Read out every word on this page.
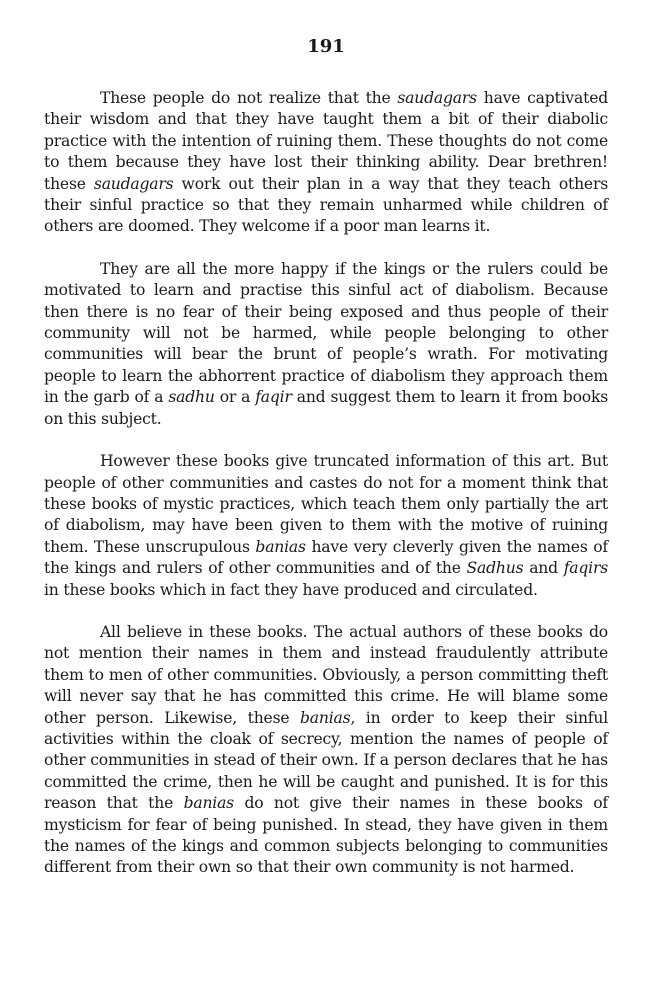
191

These people do not realize that the saudagars have captivated their wisdom and that they have taught them a bit of their diabolic practice with the intention of ruining them. These thoughts do not come to them because they have lost their thinking ability. Dear brethren! these saudagars work out their plan in a way that they teach others their sinful practice so that they remain unharmed while children of others are doomed. They welcome if a poor man learns it.

They are all the more happy if the kings or the rulers could be motivated to learn and practise this sinful act of diabolism. Because then there is no fear of their being exposed and thus people of their community will not be harmed, while people belonging to other communities will bear the brunt of people’s wrath. For motivating people to learn the abhorrent practice of diabolism they approach them in the garb of a sadhu or a faqir and suggest them to learn it from books on this subject.

However these books give truncated information of this art. But people of other communities and castes do not for a moment think that these books of mystic practices, which teach them only partially the art of diabolism, may have been given to them with the motive of ruining them. These unscrupulous banias have very cleverly given the names of the kings and rulers of other communities and of the Sadhus and faqirs in these books which in fact they have produced and circulated.

All believe in these books. The actual authors of these books do not mention their names in them and instead fraudulently attribute them to men of other communities. Obviously, a person committing theft will never say that he has committed this crime. He will blame some other person. Likewise, these banias, in order to keep their sinful activities within the cloak of secrecy, mention the names of people of other communities in stead of their own. If a person declares that he has committed the crime, then he will be caught and punished. It is for this reason that the banias do not give their names in these books of mysticism for fear of being punished. In stead, they have given in them the names of the kings and common subjects belonging to communities different from their own so that their own community is not harmed.
